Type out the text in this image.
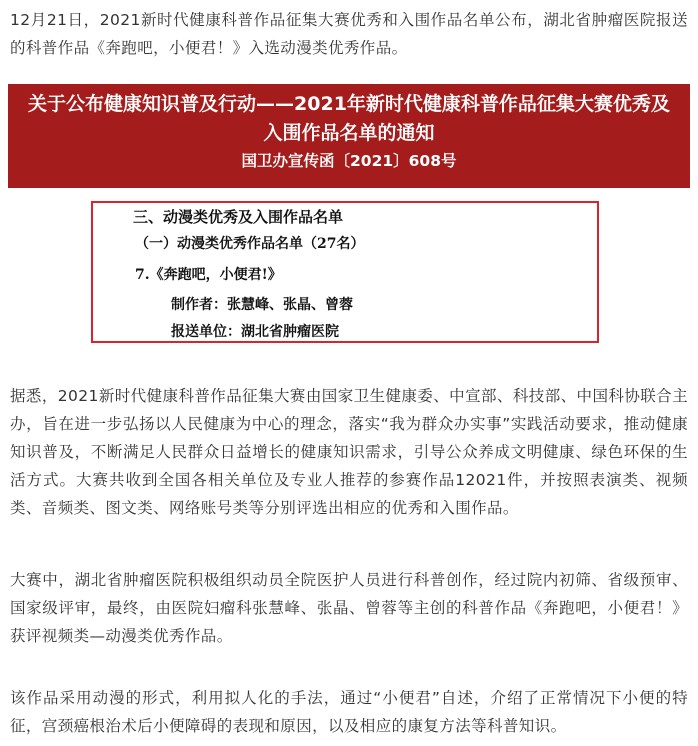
12月21日，2021新时代健康科普作品征集大赛优秀和入围作品名单公布，湖北省肿瘤医院报送的科普作品《奔跑吧，小便君！》入选动漫类优秀作品。

关于公布健康知识普及行动——2021年新时代健康科普作品征集大赛优秀及入围作品名单的通知
国卫办宣传函〔2021〕608号
三、动漫类优秀及入围作品名单
（一）动漫类优秀作品名单（27名）
7.《奔跑吧，小便君!》
制作者：张慧峰、张晶、曾蓉
报送单位：湖北省肿瘤医院

据悉，2021新时代健康科普作品征集大赛由国家卫生健康委、中宣部、科技部、中国科协联合主办，旨在进一步弘扬以人民健康为中心的理念，落实“我为群众办实事”实践活动要求，推动健康知识普及，不断满足人民群众日益增长的健康知识需求，引导公众养成文明健康、绿色环保的生活方式。大赛共收到全国各相关单位及专业人推荐的参赛作品12021件，并按照表演类、视频类、音频类、图文类、网络账号类等分别评选出相应的优秀和入围作品。

大赛中，湖北省肿瘤医院积极组织动员全院医护人员进行科普创作，经过院内初筛、省级预审、国家级评审，最终，由医院妇瘤科张慧峰、张晶、曾蓉等主创的科普作品《奔跑吧，小便君！》获评视频类—动漫类优秀作品。

该作品采用动漫的形式，利用拟人化的手法，通过“小便君”自述，介绍了正常情况下小便的特征，宫颈癌根治术后小便障碍的表现和原因，以及相应的康复方法等科普知识。
